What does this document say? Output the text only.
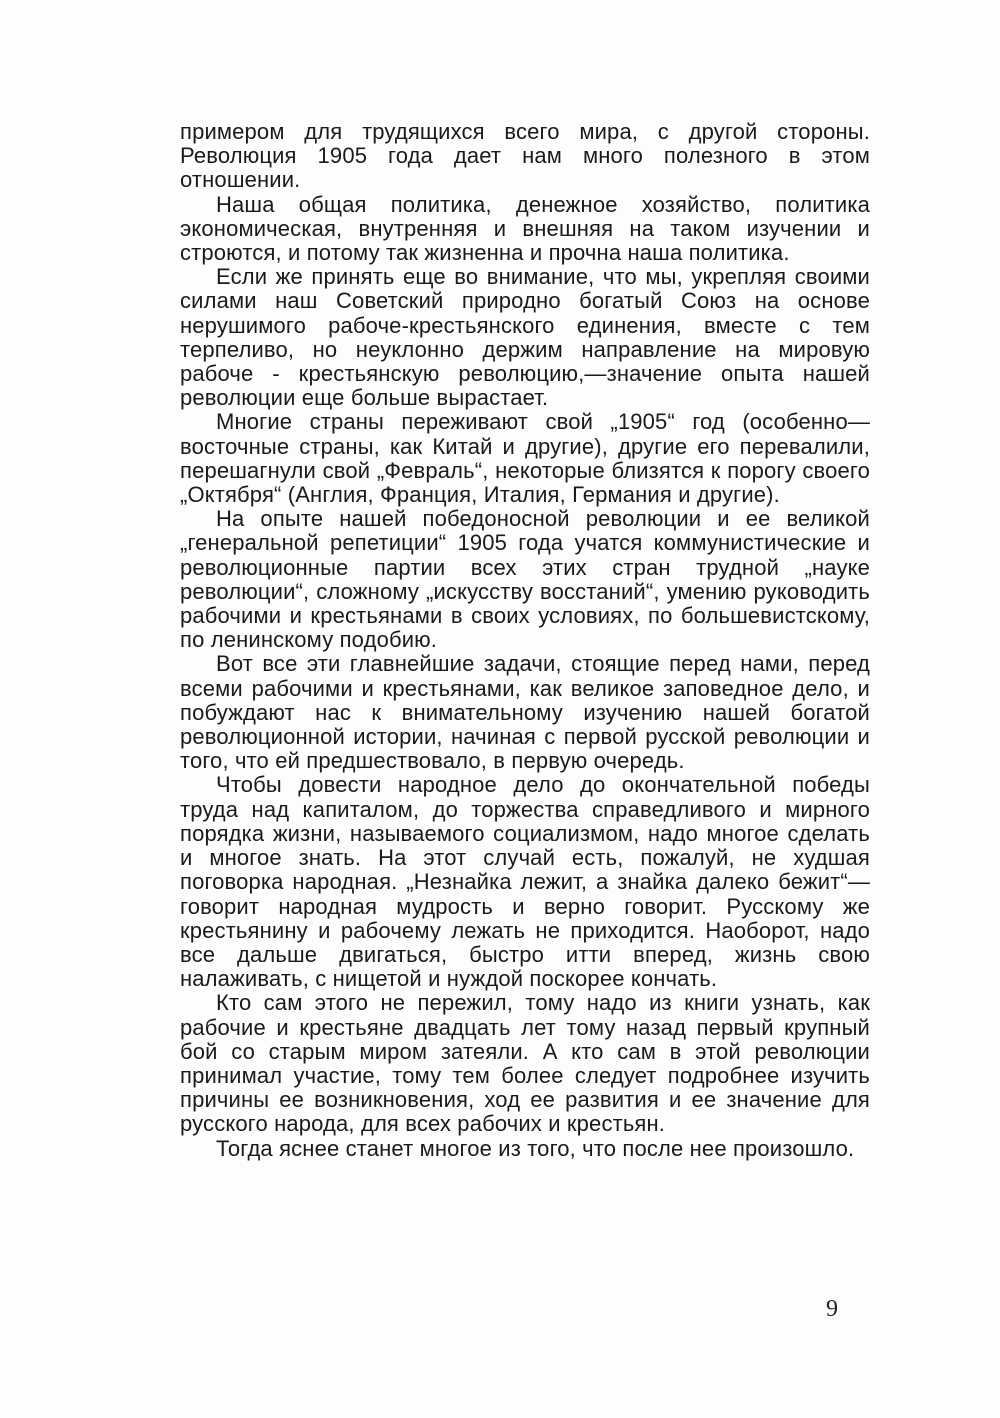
примером для трудящихся всего мира, с другой стороны. Революция 1905 года дает нам много полезного в этом отношении.

Наша общая политика, денежное хозяйство, политика экономическая, внутренняя и внешняя на таком изучении и строются, и потому так жизненна и прочна наша политика.

Если же принять еще во внимание, что мы, укрепляя своими силами наш Советский природно богатый Союз на основе нерушимого рабоче-крестьянского единения, вместе с тем терпеливо, но неуклонно держим направление на мировую рабоче - крестьянскую революцию,—значение опыта нашей революции еще больше вырастает.

Многие страны переживают свой „1905“ год (особенно—восточные страны, как Китай и другие), другие его перевалили, перешагнули свой „Февраль“, некоторые близятся к порогу своего „Октября“ (Англия, Франция, Италия, Германия и другие).

На опыте нашей победоносной революции и ее великой „генеральной репетиции“ 1905 года учатся коммунистические и революционные партии всех этих стран трудной „науке революции“, сложному „искусству восстаний“, умению руководить рабочими и крестьянами в своих условиях, по большевистскому, по ленинскому подобию.

Вот все эти главнейшие задачи, стоящие перед нами, перед всеми рабочими и крестьянами, как великое заповедное дело, и побуждают нас к внимательному изучению нашей богатой революционной истории, начиная с первой русской революции и того, что ей предшествовало, в первую очередь.

Чтобы довести народное дело до окончательной победы труда над капиталом, до торжества справедливого и мирного порядка жизни, называемого социализмом, надо многое сделать и многое знать. На этот случай есть, пожалуй, не худшая поговорка народная. „Незнайка лежит, а знайка далеко бежит“—говорит народная мудрость и верно говорит. Русскому же крестьянину и рабочему лежать не приходится. Наоборот, надо все дальше двигаться, быстро итти вперед, жизнь свою налаживать, с нищетой и нуждой поскорее кончать.

Кто сам этого не пережил, тому надо из книги узнать, как рабочие и крестьяне двадцать лет тому назад первый крупный бой со старым миром затеяли. А кто сам в этой революции принимал участие, тому тем более следует подробнее изучить причины ее возникновения, ход ее развития и ее значение для русского народа, для всех рабочих и крестьян.

Тогда яснее станет многое из того, что после нее произошло.

9
